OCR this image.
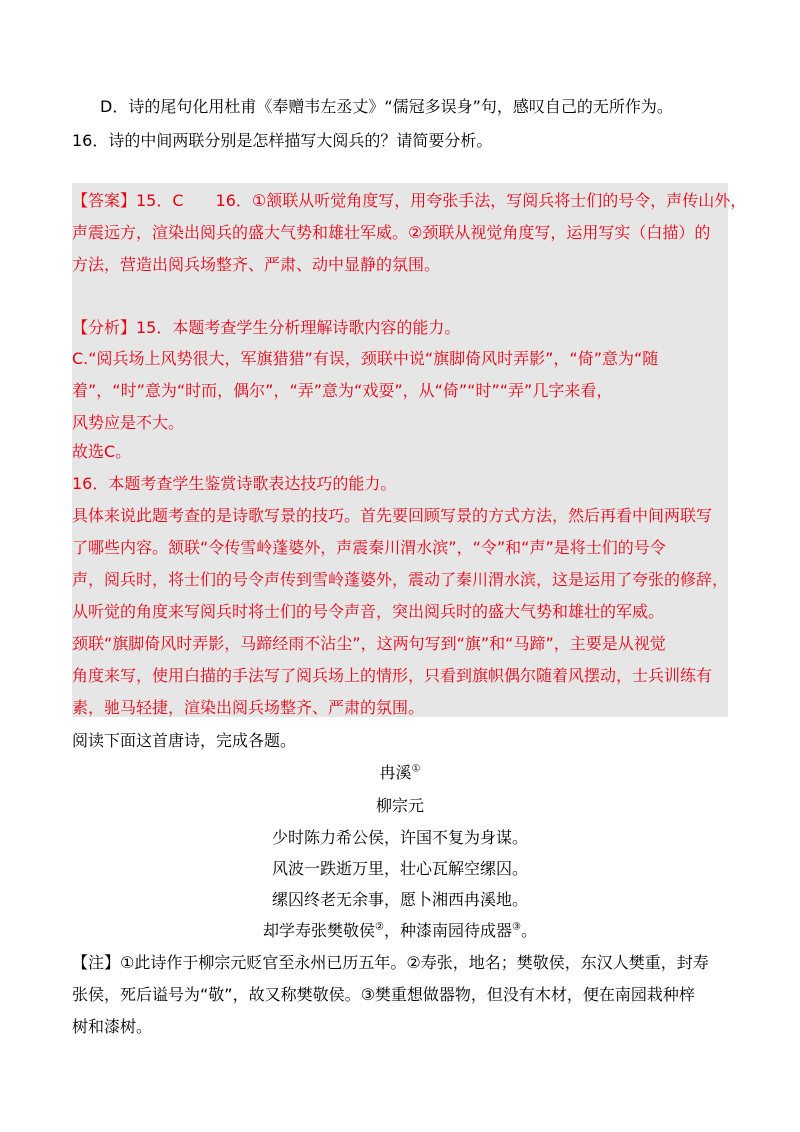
D．诗的尾句化用杜甫《奉赠韦左丞丈》“儒冠多误身”句，感叹自己的无所作为。
16．诗的中间两联分别是怎样描写大阅兵的？请简要分析。
【答案】15．C　　16．①颔联从听觉角度写，用夸张手法，写阅兵将士们的号令，声传山外，
声震远方，渲染出阅兵的盛大气势和雄壮军威。②颈联从视觉角度写，运用写实（白描）的
方法，营造出阅兵场整齐、严肃、动中显静的氛围。
【分析】15．本题考查学生分析理解诗歌内容的能力。
C.“阅兵场上风势很大，军旗猎猎”有误，颈联中说“旗脚倚风时弄影”，“倚”意为“随
着”，“时”意为“时而，偶尔”，“弄”意为“戏耍”，从“倚”“时”“弄”几字来看，
风势应是不大。
故选C。
16．本题考查学生鉴赏诗歌表达技巧的能力。
具体来说此题考查的是诗歌写景的技巧。首先要回顾写景的方式方法，然后再看中间两联写
了哪些内容。颔联“令传雪岭蓬婆外，声震秦川渭水滨”，“令”和“声”是将士们的号令
声，阅兵时，将士们的号令声传到雪岭蓬婆外，震动了秦川渭水滨，这是运用了夸张的修辞，
从听觉的角度来写阅兵时将士们的号令声音，突出阅兵时的盛大气势和雄壮的军威。
颈联“旗脚倚风时弄影，马蹄经雨不沾尘”，这两句写到“旗”和“马蹄”，主要是从视觉
角度来写，使用白描的手法写了阅兵场上的情形，只看到旗帜偶尔随着风摆动，士兵训练有
素，驰马轻捷，渲染出阅兵场整齐、严肃的氛围。
阅读下面这首唐诗，完成各题。
冉溪①
柳宗元
少时陈力希公侯，许国不复为身谋。
风波一跌逝万里，壮心瓦解空缧囚。
缧囚终老无余事，愿卜湘西冉溪地。
却学寿张樊敬侯②，种漆南园待成器③。
【注】①此诗作于柳宗元贬官至永州已历五年。②寿张，地名；樊敬侯，东汉人樊重，封寿
张侯，死后谥号为“敬”，故又称樊敬侯。③樊重想做器物，但没有木材，便在南园栽种梓
树和漆树。
